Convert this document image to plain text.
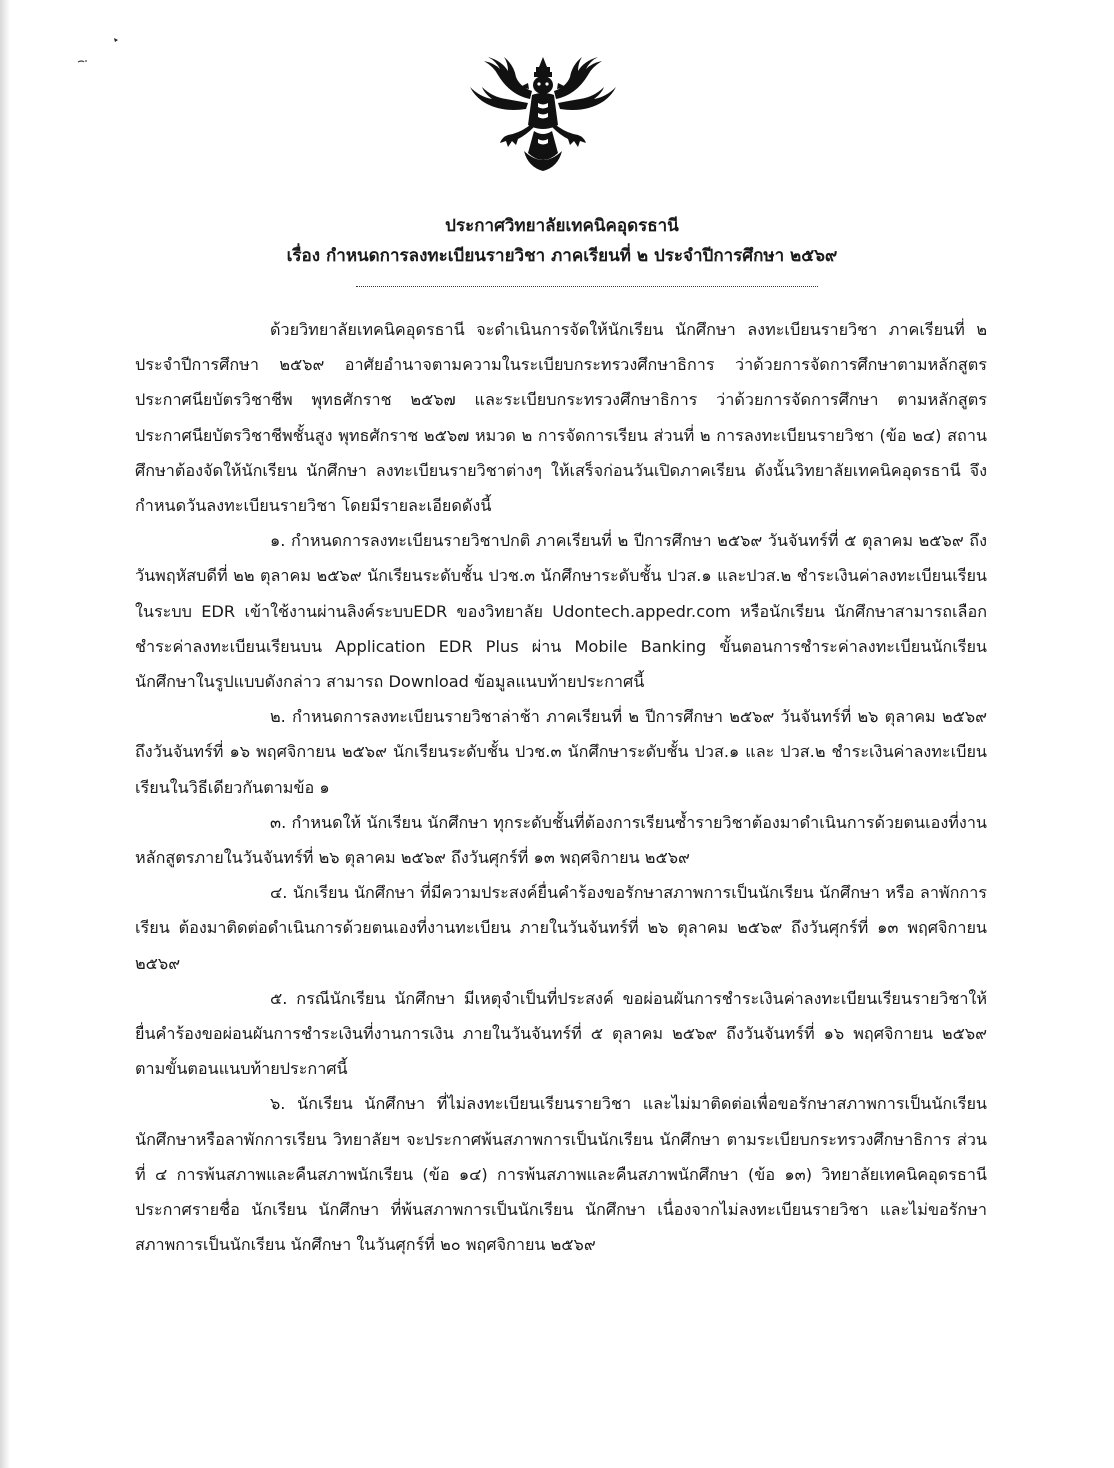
ประกาศวิทยาลัยเทคนิคอุดรธานี
เรื่อง กำหนดการลงทะเบียนรายวิชา ภาคเรียนที่ ๒ ประจำปีการศึกษา ๒๕๖๙

ด้วยวิทยาลัยเทคนิคอุดรธานี จะดำเนินการจัดให้นักเรียน นักศึกษา ลงทะเบียนรายวิชา ภาคเรียนที่ ๒ ประจำปีการศึกษา ๒๕๖๙ อาศัยอำนาจตามความในระเบียบกระทรวงศึกษาธิการ ว่าด้วยการจัดการศึกษาตามหลักสูตรประกาศนียบัตรวิชาชีพ พุทธศักราช ๒๕๖๗ และระเบียบกระทรวงศึกษาธิการ ว่าด้วยการจัดการศึกษา ตามหลักสูตรประกาศนียบัตรวิชาชีพชั้นสูง พุทธศักราช ๒๕๖๗ หมวด ๒ การจัดการเรียน ส่วนที่ ๒ การลงทะเบียนรายวิชา (ข้อ ๒๔) สถานศึกษาต้องจัดให้นักเรียน นักศึกษา ลงทะเบียนรายวิชาต่างๆ ให้เสร็จก่อนวันเปิดภาคเรียน ดังนั้นวิทยาลัยเทคนิคอุดรธานี จึงกำหนดวันลงทะเบียนรายวิชา โดยมีรายละเอียดดังนี้

๑. กำหนดการลงทะเบียนรายวิชาปกติ ภาคเรียนที่ ๒ ปีการศึกษา ๒๕๖๙ วันจันทร์ที่ ๕ ตุลาคม ๒๕๖๙ ถึงวันพฤหัสบดีที่ ๒๒ ตุลาคม ๒๕๖๙ นักเรียนระดับชั้น ปวช.๓ นักศึกษาระดับชั้น ปวส.๑ และปวส.๒ ชำระเงินค่าลงทะเบียนเรียนในระบบ EDR เข้าใช้งานผ่านลิงค์ระบบEDR ของวิทยาลัย Udontech.appedr.com หรือนักเรียน นักศึกษาสามารถเลือกชำระค่าลงทะเบียนเรียนบน Application EDR Plus ผ่าน Mobile Banking ขั้นตอนการชำระค่าลงทะเบียนนักเรียน นักศึกษาในรูปแบบดังกล่าว สามารถ Download ข้อมูลแนบท้ายประกาศนี้

๒. กำหนดการลงทะเบียนรายวิชาล่าช้า ภาคเรียนที่ ๒ ปีการศึกษา ๒๕๖๙ วันจันทร์ที่ ๒๖ ตุลาคม ๒๕๖๙ ถึงวันจันทร์ที่ ๑๖ พฤศจิกายน ๒๕๖๙ นักเรียนระดับชั้น ปวช.๓ นักศึกษาระดับชั้น ปวส.๑ และ ปวส.๒ ชำระเงินค่าลงทะเบียนเรียนในวิธีเดียวกันตามข้อ ๑

๓. กำหนดให้ นักเรียน นักศึกษา ทุกระดับชั้นที่ต้องการเรียนซ้ำรายวิชาต้องมาดำเนินการด้วยตนเองที่งานหลักสูตรภายในวันจันทร์ที่ ๒๖ ตุลาคม ๒๕๖๙ ถึงวันศุกร์ที่ ๑๓ พฤศจิกายน ๒๕๖๙

๔. นักเรียน นักศึกษา ที่มีความประสงค์ยื่นคำร้องขอรักษาสภาพการเป็นนักเรียน นักศึกษา หรือ ลาพักการเรียน ต้องมาติดต่อดำเนินการด้วยตนเองที่งานทะเบียน ภายในวันจันทร์ที่ ๒๖ ตุลาคม ๒๕๖๙ ถึงวันศุกร์ที่ ๑๓ พฤศจิกายน ๒๕๖๙

๕. กรณีนักเรียน นักศึกษา มีเหตุจำเป็นที่ประสงค์ ขอผ่อนผันการชำระเงินค่าลงทะเบียนเรียนรายวิชาให้ยื่นคำร้องขอผ่อนผันการชำระเงินที่งานการเงิน ภายในวันจันทร์ที่ ๕ ตุลาคม ๒๕๖๙ ถึงวันจันทร์ที่ ๑๖ พฤศจิกายน ๒๕๖๙ ตามขั้นตอนแนบท้ายประกาศนี้

๖. นักเรียน นักศึกษา ที่ไม่ลงทะเบียนเรียนรายวิชา และไม่มาติดต่อเพื่อขอรักษาสภาพการเป็นนักเรียน นักศึกษาหรือลาพักการเรียน วิทยาลัยฯ จะประกาศพ้นสภาพการเป็นนักเรียน นักศึกษา ตามระเบียบกระทรวงศึกษาธิการ ส่วนที่ ๔ การพ้นสภาพและคืนสภาพนักเรียน (ข้อ ๑๔) การพ้นสภาพและคืนสภาพนักศึกษา (ข้อ ๑๓) วิทยาลัยเทคนิคอุดรธานี ประกาศรายชื่อ นักเรียน นักศึกษา ที่พ้นสภาพการเป็นนักเรียน นักศึกษา เนื่องจากไม่ลงทะเบียนรายวิชา และไม่ขอรักษาสภาพการเป็นนักเรียน นักศึกษา ในวันศุกร์ที่ ๒๐ พฤศจิกายน ๒๕๖๙
